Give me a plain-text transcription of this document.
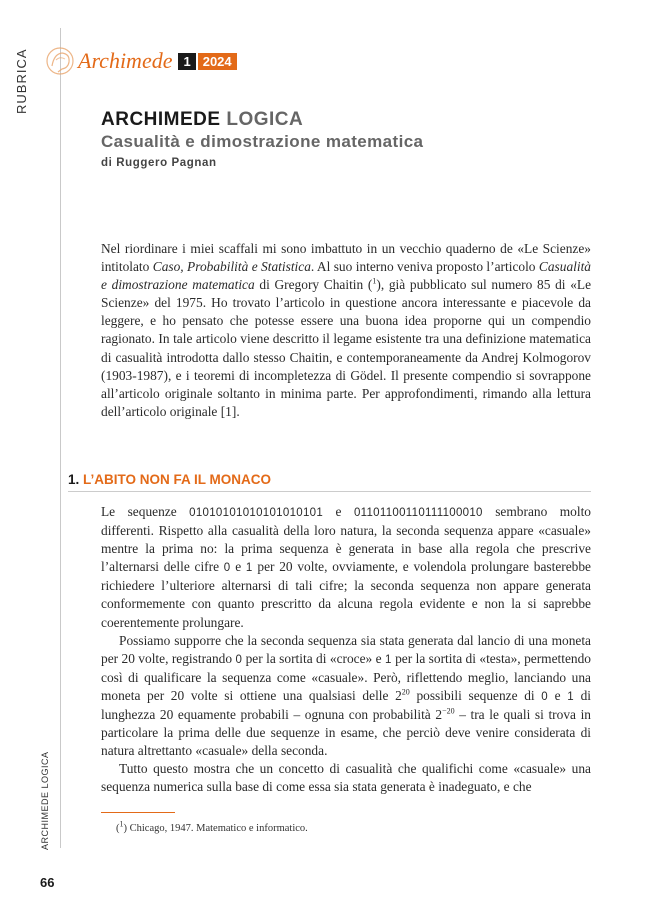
RUBRICA
ARCHIMEDE LOGICA
Archimede 1 2024
ARCHIMEDE LOGICA
Casualità e dimostrazione matematica
di Ruggero Pagnan

Nel riordinare i miei scaffali mi sono imbattuto in un vecchio quaderno de «Le Scienze» intitolato Caso, Probabilità e Statistica. Al suo interno veniva proposto l’articolo Casualità e dimostrazione matematica di Gregory Chaitin ($^1$), già pubblicato sul numero 85 di «Le Scienze» del 1975. Ho trovato l’articolo in questione ancora interessante e piacevole da leggere, e ho pensato che potesse essere una buona idea proporne qui un compendio ragionato. In tale articolo viene descritto il legame esistente tra una definizione matematica di casualità introdotta dallo stesso Chaitin, e contemporaneamente da Andrej Kolmogorov (1903-1987), e i teoremi di incompletezza di Gödel. Il presente compendio si sovrappone all’articolo originale soltanto in minima parte. Per approfondimenti, rimando alla lettura dell’articolo originale [1].

1. L’ABITO NON FA IL MONACO

Le sequenze 01010101010101010101 e 01101100110111100010 sembrano molto differenti. Rispetto alla casualità della loro natura, la seconda sequenza appare «casuale» mentre la prima no: la prima sequenza è generata in base alla regola che prescrive l’alternarsi delle cifre 0 e 1 per 20 volte, ovviamente, e volendola prolungare basterebbe richiedere l’ulteriore alternarsi di tali cifre; la seconda sequenza non appare generata conformemente con quanto prescritto da alcuna regola evidente e non la si saprebbe coerentemente prolungare.

Possiamo supporre che la seconda sequenza sia stata generata dal lancio di una moneta per 20 volte, registrando 0 per la sortita di «croce» e 1 per la sortita di «testa», permettendo così di qualificare la sequenza come «casuale». Però, riflettendo meglio, lanciando una moneta per 20 volte si ottiene una qualsiasi delle $2^{20}$ possibili sequenze di 0 e 1 di lunghezza 20 equamente probabili – ognuna con probabilità $2^{-20}$ – tra le quali si trova in particolare la prima delle due sequenze in esame, che perciò deve venire considerata di natura altrettanto «casuale» della seconda.

Tutto questo mostra che un concetto di casualità che qualifichi come «casuale» una sequenza numerica sulla base di come essa sia stata generata è inadeguato, e che

($^1$) Chicago, 1947. Matematico e informatico.
66
